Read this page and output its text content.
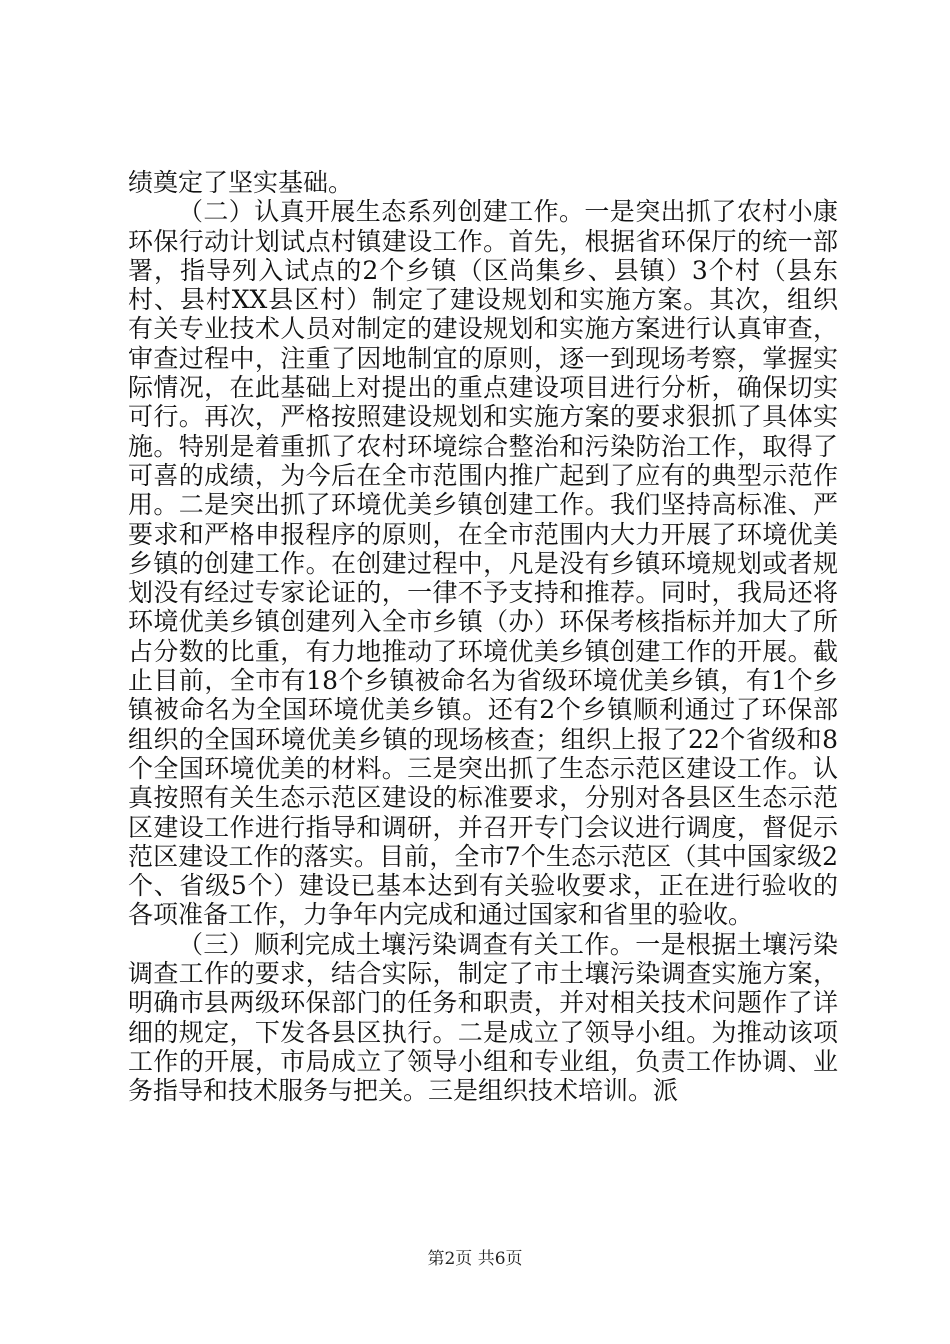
绩奠定了坚实基础。

（二）认真开展生态系列创建工作。一是突出抓了农村小康环保行动计划试点村镇建设工作。首先，根据省环保厅的统一部署，指导列入试点的2个乡镇（区尚集乡、县镇）3个村（县东村、县村XX县区村）制定了建设规划和实施方案。其次，组织有关专业技术人员对制定的建设规划和实施方案进行认真审查，审查过程中，注重了因地制宜的原则，逐一到现场考察，掌握实际情况，在此基础上对提出的重点建设项目进行分析，确保切实可行。再次，严格按照建设规划和实施方案的要求狠抓了具体实施。特别是着重抓了农村环境综合整治和污染防治工作，取得了可喜的成绩，为今后在全市范围内推广起到了应有的典型示范作用。二是突出抓了环境优美乡镇创建工作。我们坚持高标准、严要求和严格申报程序的原则，在全市范围内大力开展了环境优美乡镇的创建工作。在创建过程中，凡是没有乡镇环境规划或者规划没有经过专家论证的，一律不予支持和推荐。同时，我局还将环境优美乡镇创建列入全市乡镇（办）环保考核指标并加大了所占分数的比重，有力地推动了环境优美乡镇创建工作的开展。截止目前，全市有18个乡镇被命名为省级环境优美乡镇，有1个乡镇被命名为全国环境优美乡镇。还有2个乡镇顺利通过了环保部组织的全国环境优美乡镇的现场核查；组织上报了22个省级和8个全国环境优美的材料。三是突出抓了生态示范区建设工作。认真按照有关生态示范区建设的标准要求，分别对各县区生态示范区建设工作进行指导和调研，并召开专门会议进行调度，督促示范区建设工作的落实。目前，全市7个生态示范区（其中国家级2个、省级5个）建设已基本达到有关验收要求，正在进行验收的各项准备工作，力争年内完成和通过国家和省里的验收。

（三）顺利完成土壤污染调查有关工作。一是根据土壤污染调查工作的要求，结合实际，制定了市土壤污染调查实施方案，明确市县两级环保部门的任务和职责，并对相关技术问题作了详细的规定，下发各县区执行。二是成立了领导小组。为推动该项工作的开展，市局成立了领导小组和专业组，负责工作协调、业务指导和技术服务与把关。三是组织技术培训。派

第2页 共6页
